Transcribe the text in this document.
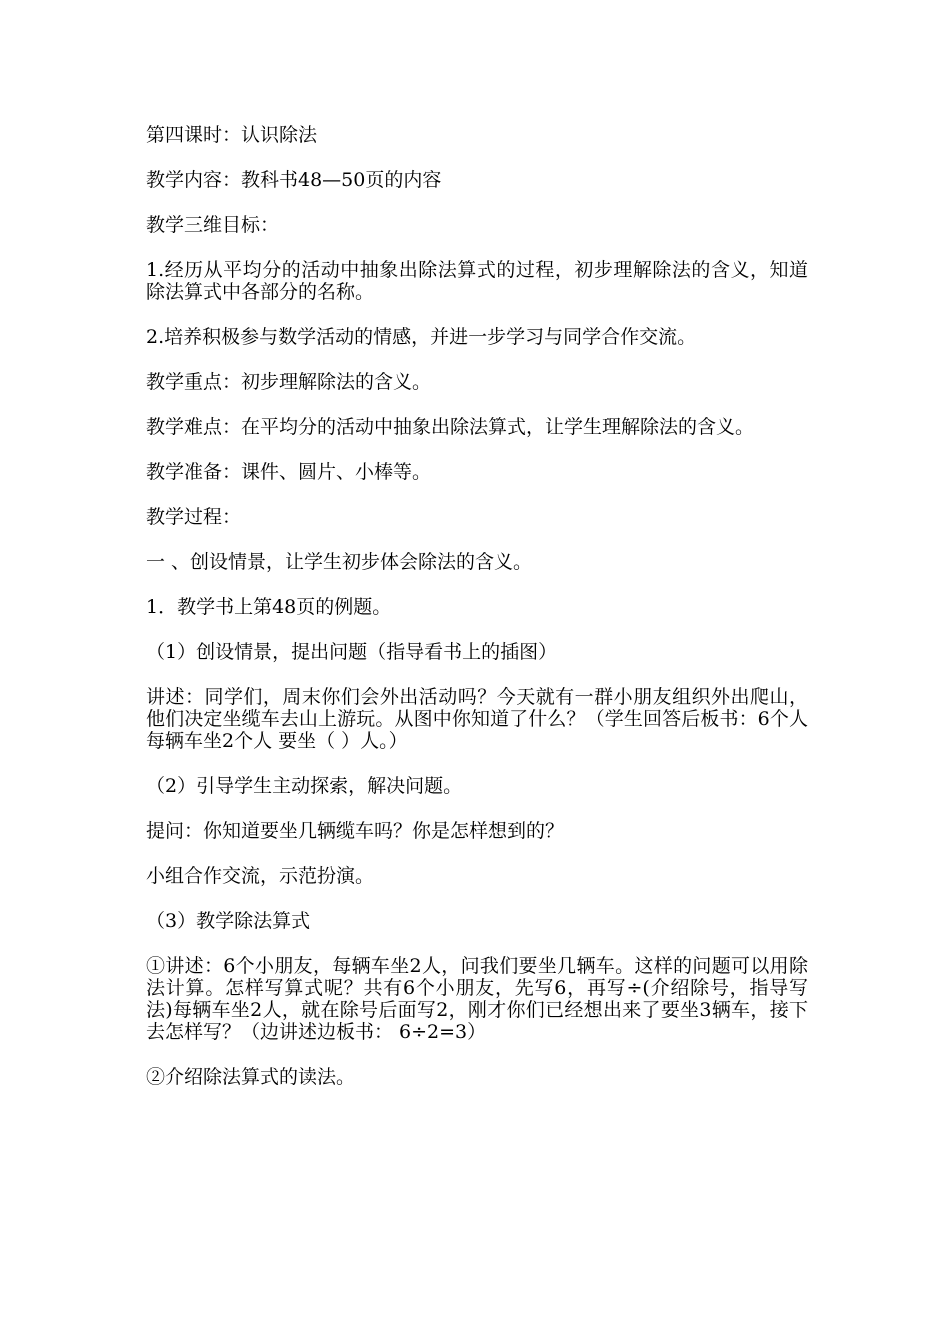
第四课时：认识除法

教学内容：教科书48—50页的内容

教学三维目标：

1.经历从平均分的活动中抽象出除法算式的过程，初步理解除法的含义，知道除法算式中各部分的名称。

2.培养积极参与数学活动的情感，并进一步学习与同学合作交流。

教学重点：初步理解除法的含义。

教学难点：在平均分的活动中抽象出除法算式，让学生理解除法的含义。

教学准备：课件、圆片、小棒等。

教学过程：

一 、创设情景，让学生初步体会除法的含义。

1．教学书上第48页的例题。

（1）创设情景，提出问题（指导看书上的插图）

讲述：同学们，周末你们会外出活动吗？今天就有一群小朋友组织外出爬山，他们决定坐缆车去山上游玩。从图中你知道了什么？（学生回答后板书：6个人 每辆车坐2个人 要坐（ ）人。）

（2）引导学生主动探索，解决问题。

提问：你知道要坐几辆缆车吗？你是怎样想到的？

小组合作交流，示范扮演。

（3）教学除法算式

①讲述：6个小朋友，每辆车坐2人，问我们要坐几辆车。这样的问题可以用除法计算。怎样写算式呢？共有6个小朋友，先写6，再写÷(介绍除号，指导写法)每辆车坐2人，就在除号后面写2，刚才你们已经想出来了要坐3辆车，接下去怎样写？（边讲述边板书： 6÷2=3）

②介绍除法算式的读法。
